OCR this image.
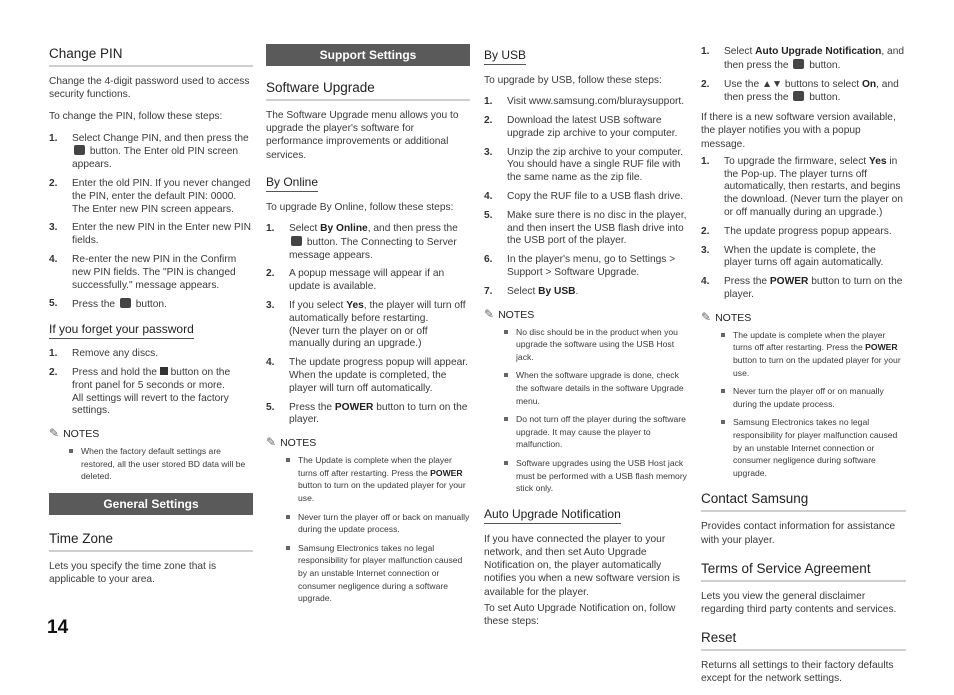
Change PIN

Change the 4-digit password used to access security functions.

To change the PIN, follow these steps:

1. Select Change PIN, and then press the
button. The Enter old PIN screen appears.
2. Enter the old PIN. If you never changed the PIN, enter the default PIN: 0000. The Enter new PIN screen appears.
3. Enter the new PIN in the Enter new PIN fields.
4. Re-enter the new PIN in the Confirm new PIN fields. The "PIN is changed successfully." message appears.
5. Press the button.
If you forget your password
1. Remove any discs.
2. Press and hold the button on the front panel for 5 seconds or more.
All settings will revert to the factory settings.
✎ NOTES
When the factory default settings are restored, all the user stored BD data will be deleted.
General Settings
Time Zone

Lets you specify the time zone that is applicable to your area.

Support Settings
Software Upgrade

The Software Upgrade menu allows you to upgrade the player's software for performance improvements or additional services.

By Online

To upgrade By Online, follow these steps:

1. Select By Online, and then press the
button. The Connecting to Server message appears.
2. A popup message will appear if an update is available.
3. If you select Yes, the player will turn off automatically before restarting.
(Never turn the player on or off manually during an upgrade.)
4. The update progress popup will appear. When the update is completed, the player will turn off automatically.
5. Press the POWER button to turn on the player.
✎ NOTES
The Update is complete when the player turns off after restarting. Press the POWER button to turn on the updated player for your use.
Never turn the player off or back on manually during the update process.
Samsung Electronics takes no legal responsibility for player malfunction caused by an unstable Internet connection or consumer negligence during a software upgrade.
By USB

To upgrade by USB, follow these steps:

1. Visit www.samsung.com/bluraysupport.
2. Download the latest USB software upgrade zip archive to your computer.
3. Unzip the zip archive to your computer. You should have a single RUF file with the same name as the zip file.
4. Copy the RUF file to a USB flash drive.
5. Make sure there is no disc in the player, and then insert the USB flash drive into the USB port of the player.
6. In the player's menu, go to Settings > Support > Software Upgrade.
7. Select By USB.
✎ NOTES
No disc should be in the product when you upgrade the software using the USB Host jack.
When the software upgrade is done, check the software details in the software Upgrade menu.
Do not turn off the player during the software upgrade. It may cause the player to malfunction.
Software upgrades using the USB Host jack must be performed with a USB flash memory stick only.
Auto Upgrade Notification

If you have connected the player to your network, and then set Auto Upgrade Notification on, the player automatically notifies you when a new software version is available for the player.

To set Auto Upgrade Notification on, follow these steps:

1. Select Auto Upgrade Notification, and then press the button.
2. Use the ▲▼ buttons to select On, and then press the button.

If there is a new software version available, the player notifies you with a popup message.

1. To upgrade the firmware, select Yes in the Pop-up. The player turns off automatically, then restarts, and begins the download. (Never turn the player on or off manually during an upgrade.)
2. The update progress popup appears.
3. When the update is complete, the player turns off again automatically.
4. Press the POWER button to turn on the player.
✎ NOTES
The update is complete when the player turns off after restarting. Press the POWER button to turn on the updated player for your use.
Never turn the player off or on manually during the update process.
Samsung Electronics takes no legal responsibility for player malfunction caused by an unstable Internet connection or consumer negligence during software upgrade.
Contact Samsung

Provides contact information for assistance with your player.

Terms of Service Agreement

Lets you view the general disclaimer regarding third party contents and services.

Reset

Returns all settings to their factory defaults except for the network settings.

14
